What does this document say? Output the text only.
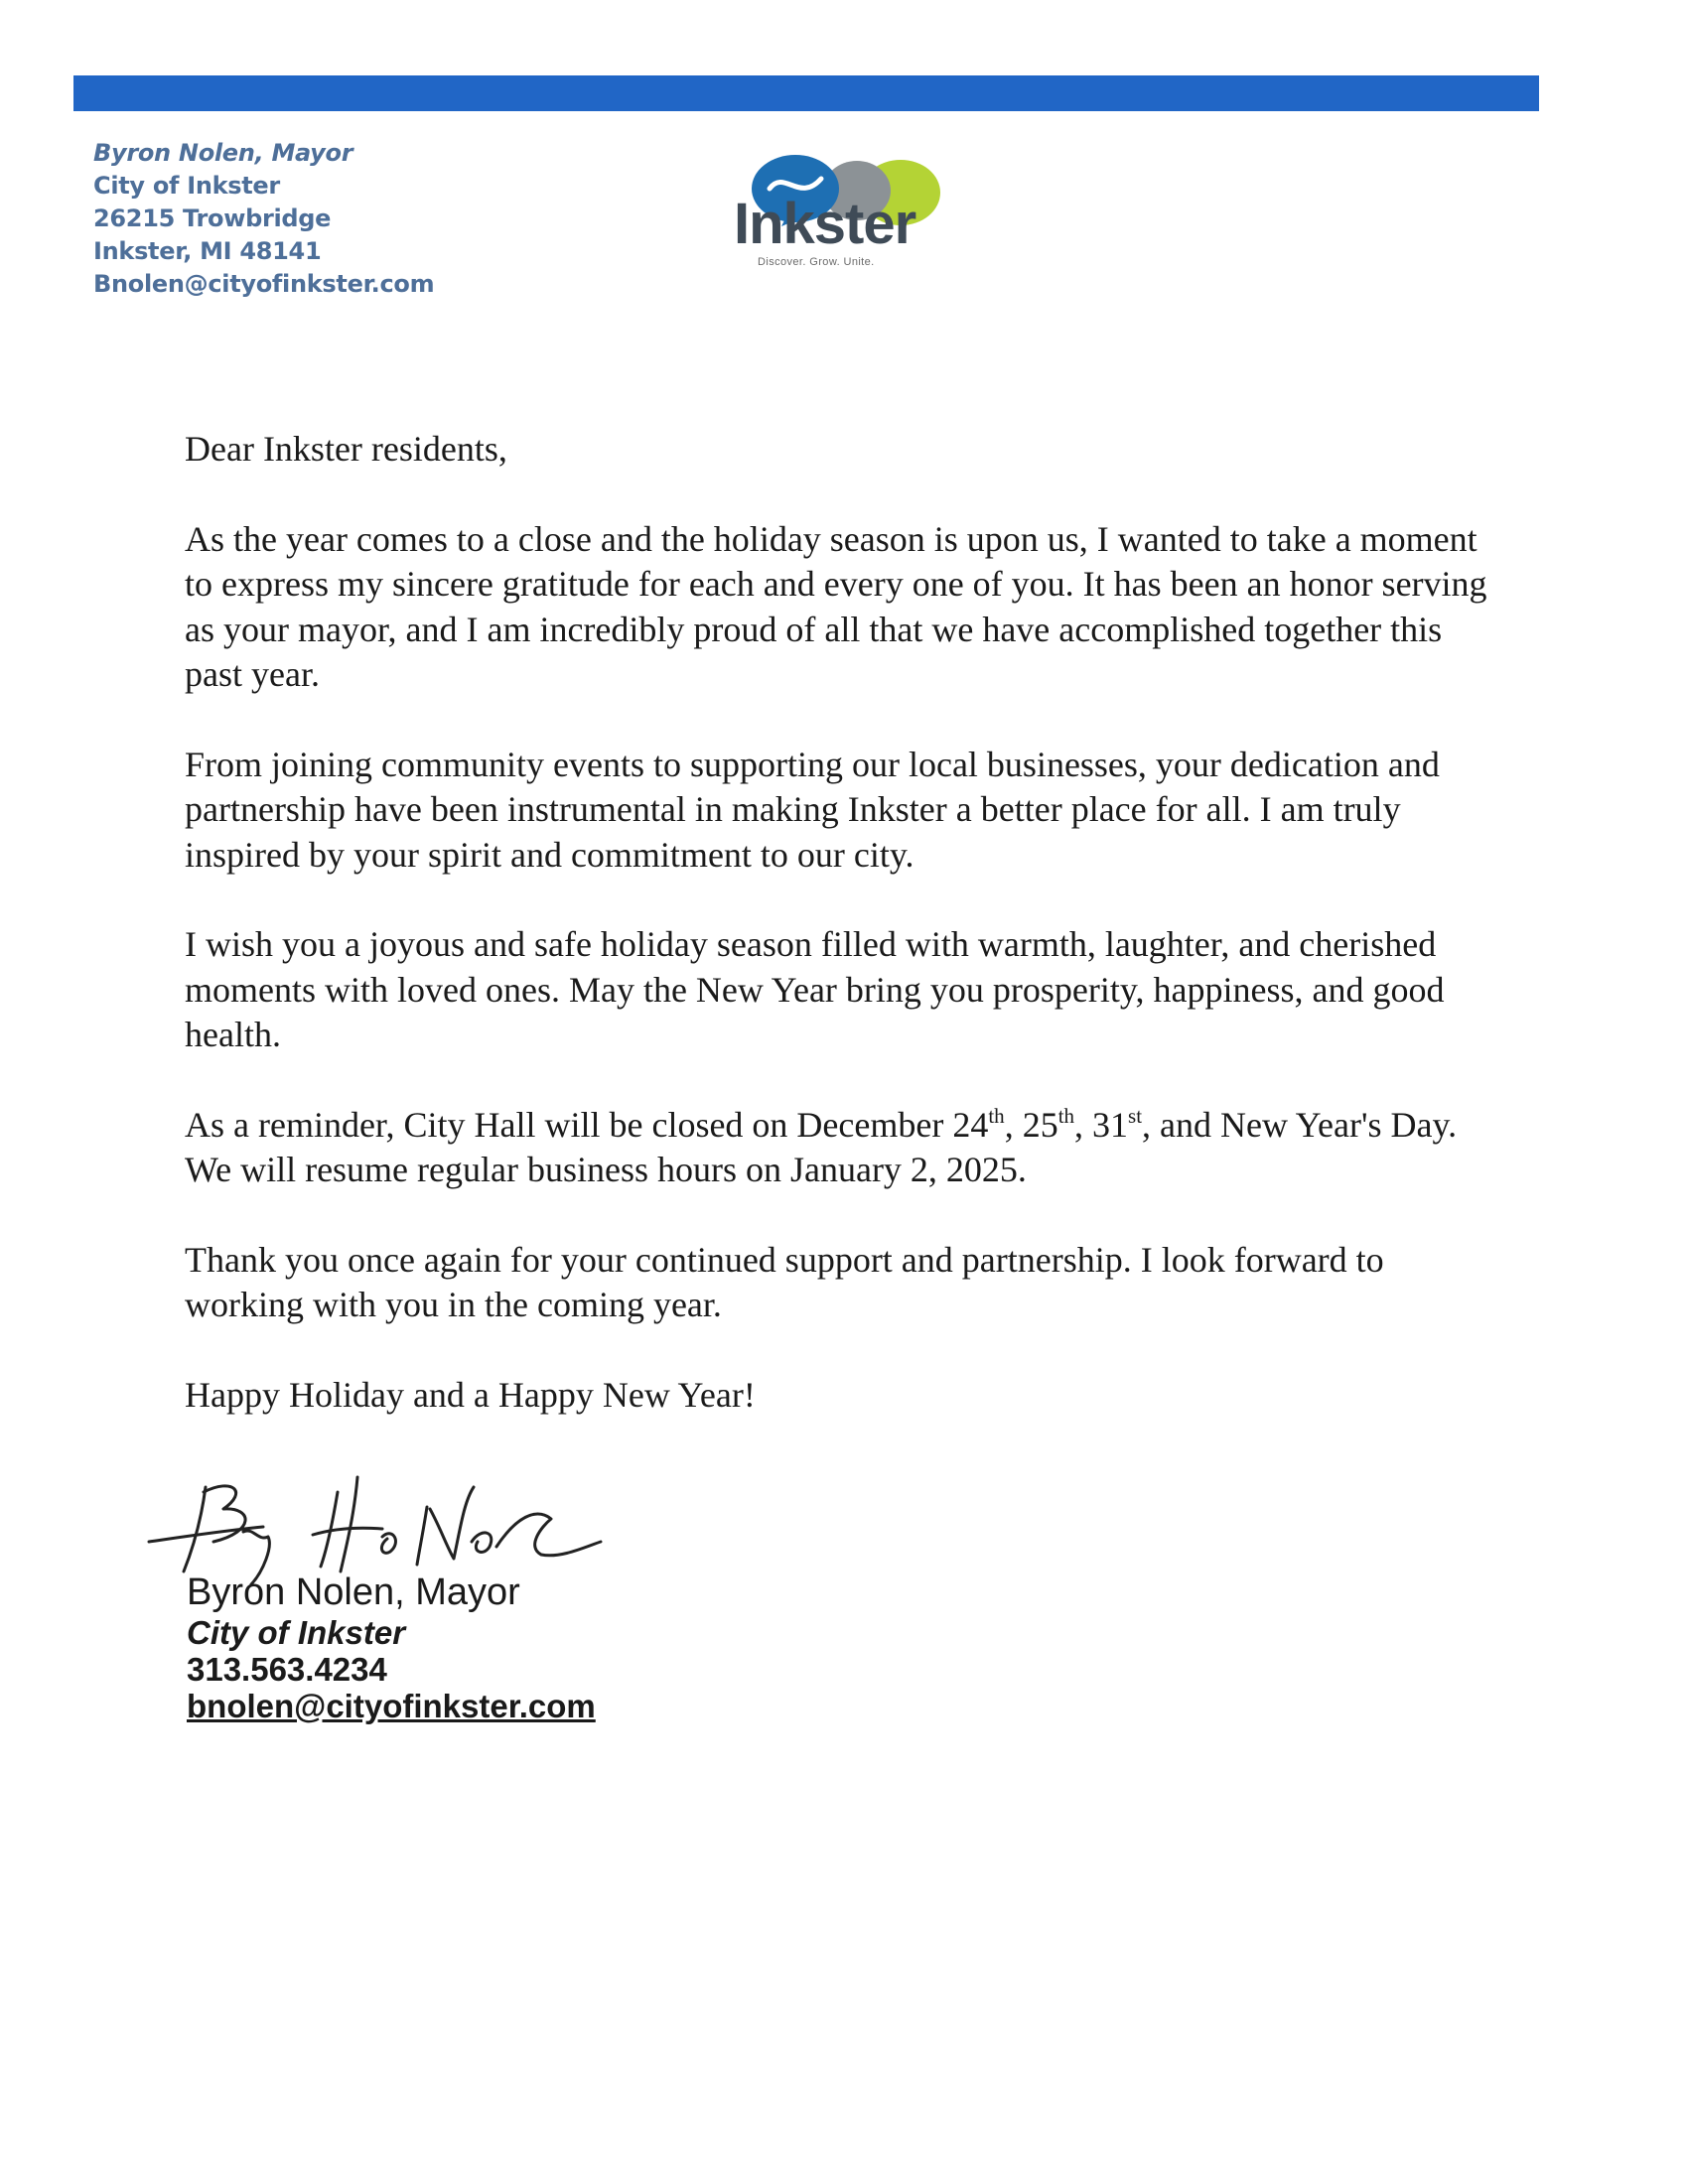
Byron Nolen, Mayor
City of Inkster
26215 Trowbridge
Inkster, MI 48141
Bnolen@cityofinkster.com
Inkster
Discover. Grow. Unite.

Dear Inkster residents,

As the year comes to a close and the holiday season is upon us, I wanted to take a moment to express my sincere gratitude for each and every one of you. It has been an honor serving as your mayor, and I am incredibly proud of all that we have accomplished together this past year.

From joining community events to supporting our local businesses, your dedication and partnership have been instrumental in making Inkster a better place for all. I am truly inspired by your spirit and commitment to our city.

I wish you a joyous and safe holiday season filled with warmth, laughter, and cherished moments with loved ones. May the New Year bring you prosperity, happiness, and good health.

As a reminder, City Hall will be closed on December 24th, 25th, 31st, and New Year's Day. We will resume regular business hours on January 2, 2025.

Thank you once again for your continued support and partnership. I look forward to working with you in the coming year.

Happy Holiday and a Happy New Year!

Byron Nolen, Mayor
City of Inkster
313.563.4234
bnolen@cityofinkster.com
